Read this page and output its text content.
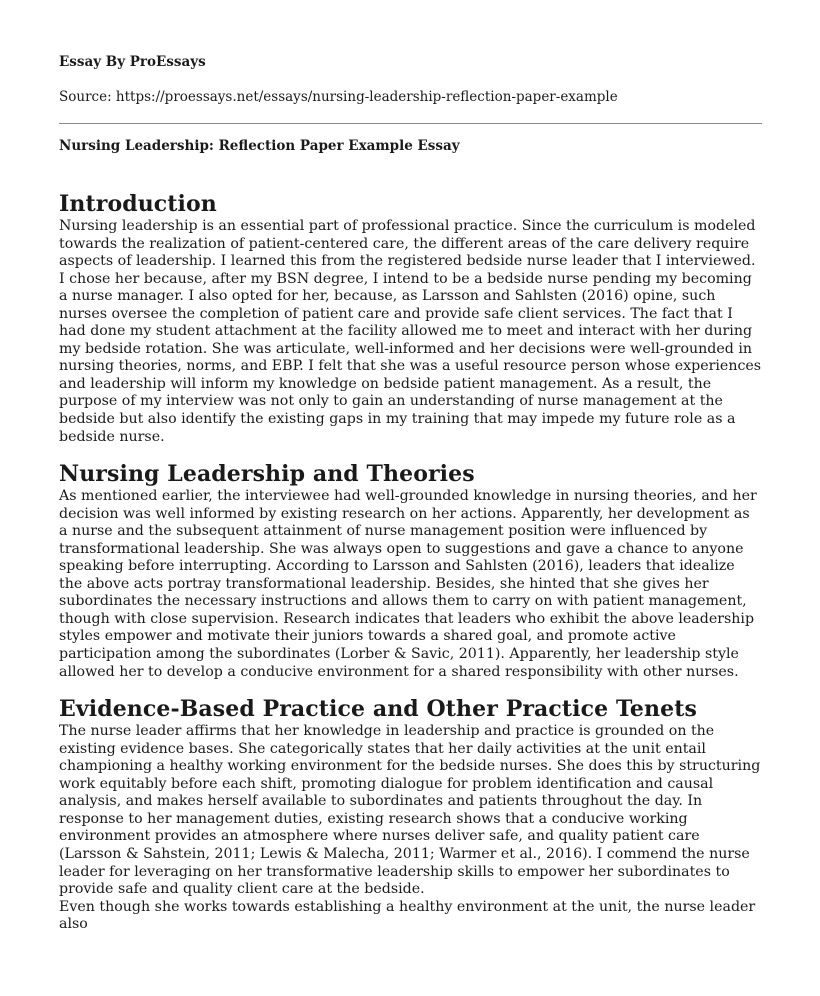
Essay By ProEssays

Source: https://proessays.net/essays/nursing-leadership-reflection-paper-example

Nursing Leadership: Reflection Paper Example Essay

Introduction

Nursing leadership is an essential part of professional practice. Since the curriculum is modeled towards the realization of patient-centered care, the different areas of the care delivery require aspects of leadership. I learned this from the registered bedside nurse leader that I interviewed. I chose her because, after my BSN degree, I intend to be a bedside nurse pending my becoming a nurse manager. I also opted for her, because, as Larsson and Sahlsten (2016) opine, such nurses oversee the completion of patient care and provide safe client services. The fact that I had done my student attachment at the facility allowed me to meet and interact with her during my bedside rotation. She was articulate, well-informed and her decisions were well-grounded in nursing theories, norms, and EBP. I felt that she was a useful resource person whose experiences and leadership will inform my knowledge on bedside patient management. As a result, the purpose of my interview was not only to gain an understanding of nurse management at the bedside but also identify the existing gaps in my training that may impede my future role as a bedside nurse.

Nursing Leadership and Theories

As mentioned earlier, the interviewee had well-grounded knowledge in nursing theories, and her decision was well informed by existing research on her actions. Apparently, her development as a nurse and the subsequent attainment of nurse management position were influenced by transformational leadership. She was always open to suggestions and gave a chance to anyone speaking before interrupting. According to Larsson and Sahlsten (2016), leaders that idealize the above acts portray transformational leadership. Besides, she hinted that she gives her subordinates the necessary instructions and allows them to carry on with patient management, though with close supervision. Research indicates that leaders who exhibit the above leadership styles empower and motivate their juniors towards a shared goal, and promote active participation among the subordinates (Lorber & Savic, 2011). Apparently, her leadership style allowed her to develop a conducive environment for a shared responsibility with other nurses.

Evidence-Based Practice and Other Practice Tenets

The nurse leader affirms that her knowledge in leadership and practice is grounded on the existing evidence bases. She categorically states that her daily activities at the unit entail championing a healthy working environment for the bedside nurses. She does this by structuring work equitably before each shift, promoting dialogue for problem identification and causal analysis, and makes herself available to subordinates and patients throughout the day. In response to her management duties, existing research shows that a conducive working environment provides an atmosphere where nurses deliver safe, and quality patient care (Larsson & Sahstein, 2011; Lewis & Malecha, 2011; Warmer et al., 2016). I commend the nurse leader for leveraging on her transformative leadership skills to empower her subordinates to provide safe and quality client care at the bedside.

Even though she works towards establishing a healthy environment at the unit, the nurse leader also
